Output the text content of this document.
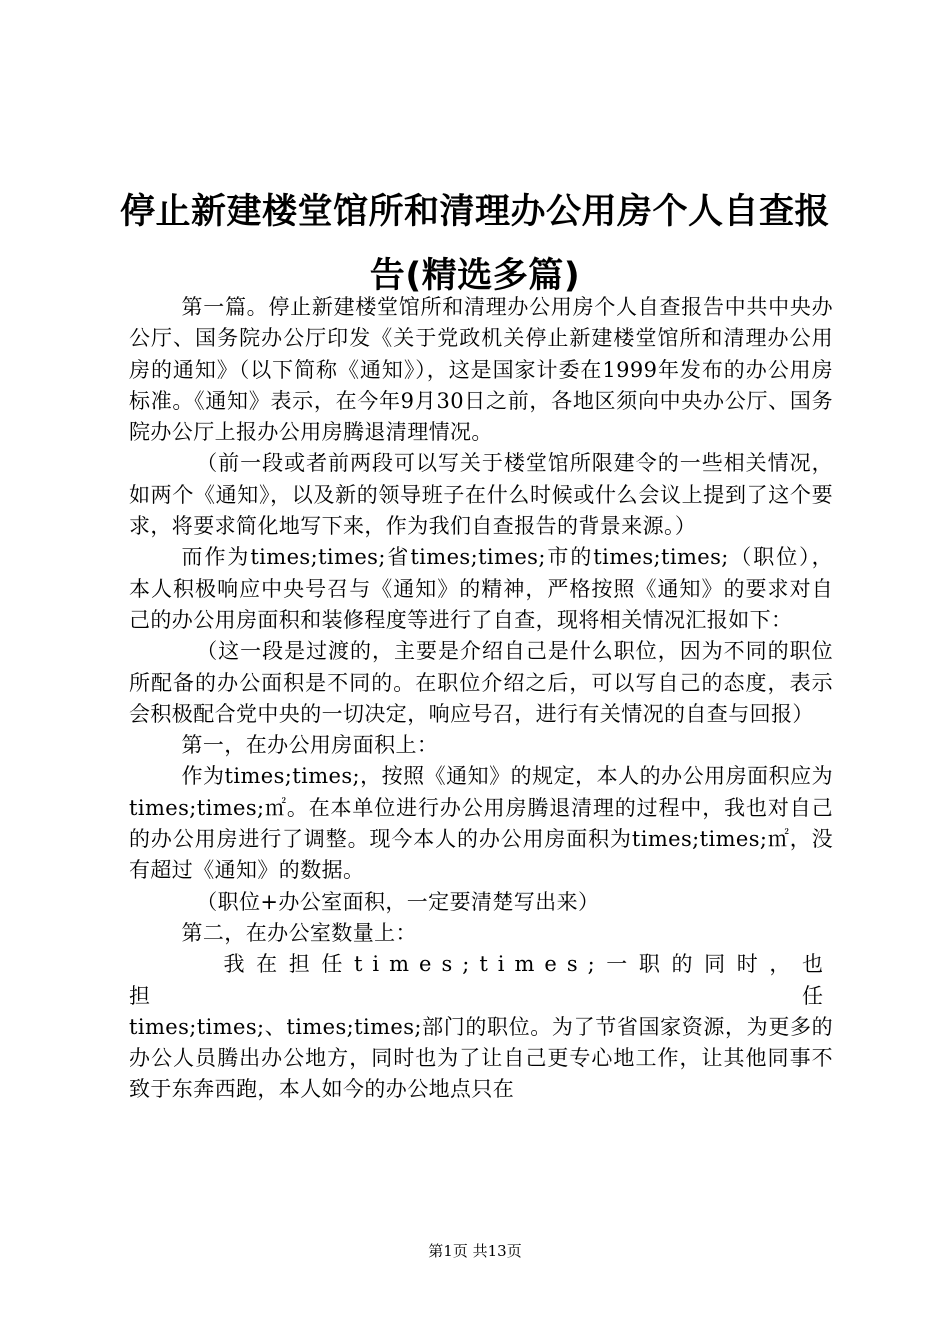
停止新建楼堂馆所和清理办公用房个人自查报
告(精选多篇)

第一篇。停止新建楼堂馆所和清理办公用房个人自查报告中共中央办公厅、国务院办公厅印发《关于党政机关停止新建楼堂馆所和清理办公用房的通知》（以下简称《通知》），这是国家计委在1999年发布的办公用房标准。《通知》表示，在今年9月30日之前，各地区须向中央办公厅、国务院办公厅上报办公用房腾退清理情况。

（前一段或者前两段可以写关于楼堂馆所限建令的一些相关情况，如两个《通知》，以及新的领导班子在什么时候或什么会议上提到了这个要求，将要求简化地写下来，作为我们自查报告的背景来源。）

而作为times;times;省times;times;市的times;times;（职位），本人积极响应中央号召与《通知》的精神，严格按照《通知》的要求对自己的办公用房面积和装修程度等进行了自查，现将相关情况汇报如下：

（这一段是过渡的，主要是介绍自己是什么职位，因为不同的职位所配备的办公面积是不同的。在职位介绍之后，可以写自己的态度，表示会积极配合党中央的一切决定，响应号召，进行有关情况的自查与回报）

第一，在办公用房面积上：

作为times;times;，按照《通知》的规定，本人的办公用房面积应为times;times;㎡。在本单位进行办公用房腾退清理的过程中，我也对自己的办公用房进行了调整。现今本人的办公用房面积为times;times;㎡，没有超过《通知》的数据。

（职位+办公室面积，一定要清楚写出来）

第二，在办公室数量上：

我在担任times;times;一职的同时，也担任

times;times;、times;times;部门的职位。为了节省国家资源，为更多的办公人员腾出办公地方，同时也为了让自己更专心地工作，让其他同事不致于东奔西跑，本人如今的办公地点只在

第1页 共13页
